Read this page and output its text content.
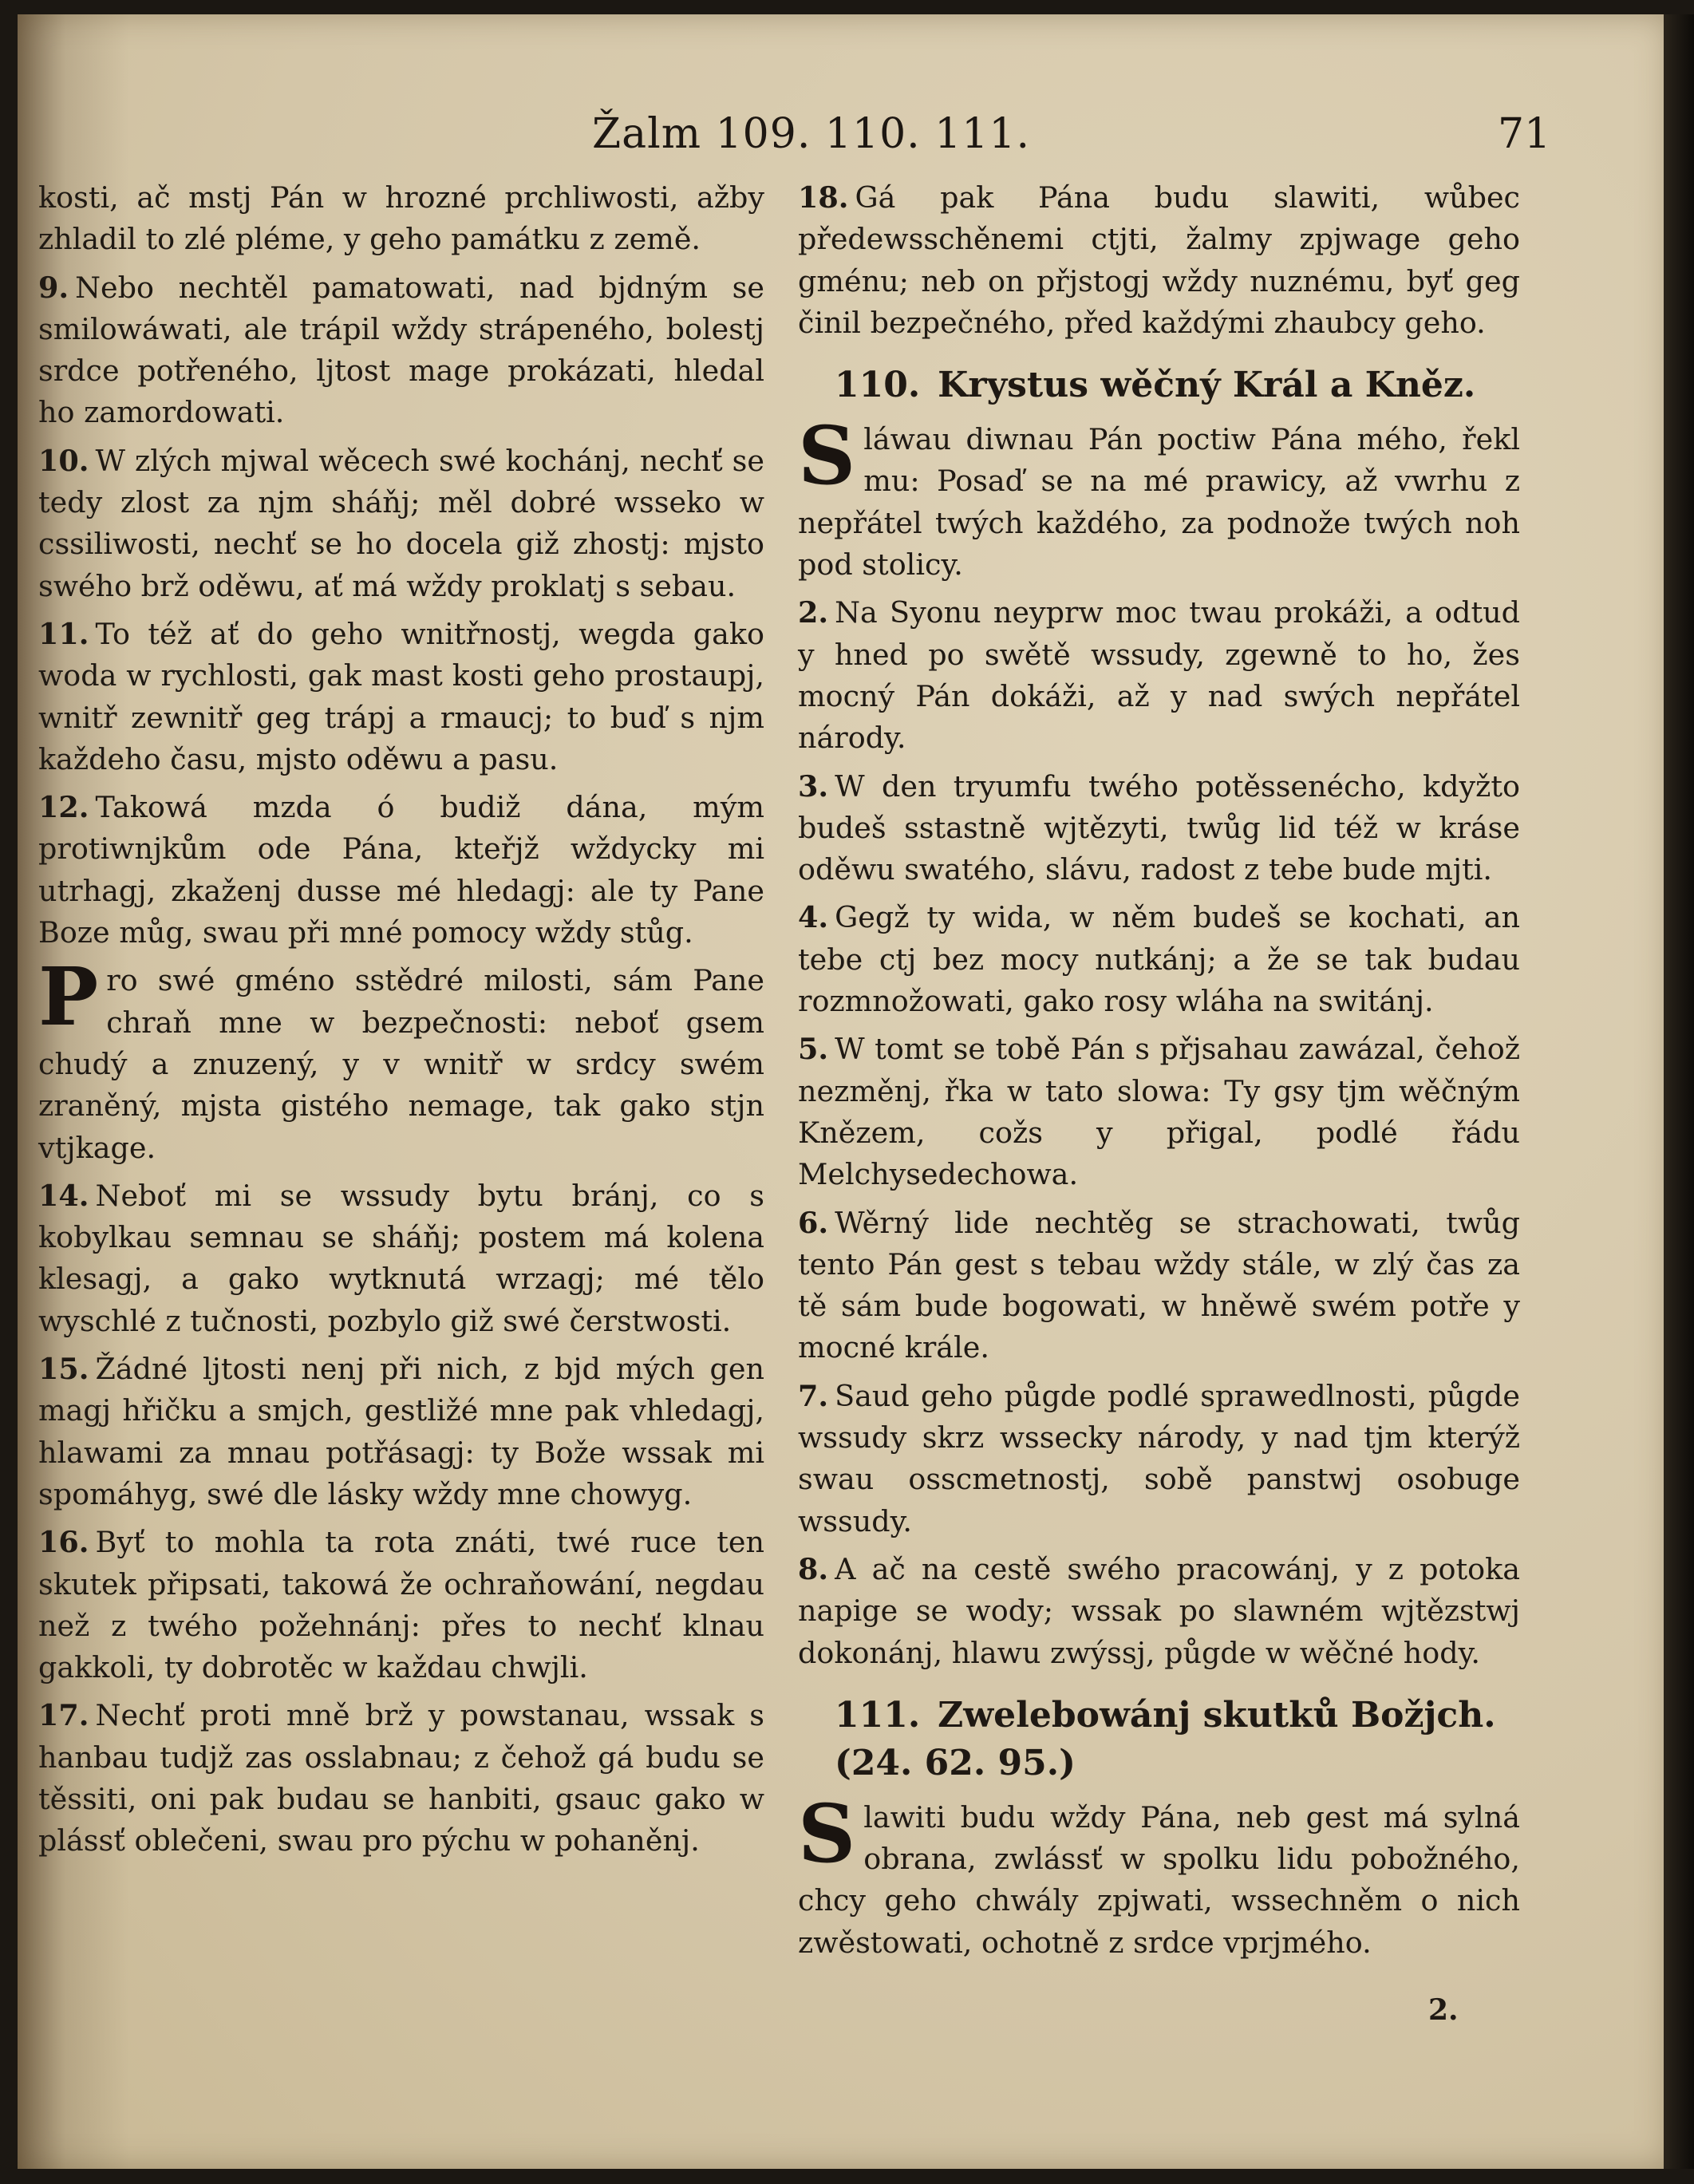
Žalm 109. 110. 111.	71

kosti, ač mstj Pán w hrozné prchliwosti, ažby zhladil to zlé pléme, y geho památku z země.

9. Nebo nechtěl pamatowati, nad bjdným se smilowáwati, ale trápil wždy strápeného, bolestj srdce potřeného, ljtost mage prokázati, hledal ho zamordowati.

10. W zlých mjwal wěcech swé kochánj, nechť se tedy zlost za njm sháňj; měl dobré wsseko w cssiliwosti, nechť se ho docela giž zhostj: mjsto swého brž oděwu, ať má wždy proklatj s sebau.

11. To též ať do geho wnitřnostj, wegda gako woda w rychlosti, gak mast kosti geho prostaupj, wnitř zewnitř geg trápj a rmaucj; to buď s njm každeho času, mjsto oděwu a pasu.

12. Takowá mzda ó budiž dána, mým protiwnjkům ode Pána, kteřjž wždycky mi utrhagj, zkaženj dusse mé hledagj: ale ty Pane Boze můg, swau při mné pomocy wždy stůg.

Pro swé gméno sstědré milosti, sám Pane chraň mne w bezpečnosti: neboť gsem chudý a znuzený, y v wnitř w srdcy swém zraněný, mjsta gistého nemage, tak gako stjn vtjkage.

14. Neboť mi se wssudy bytu bránj, co s kobylkau semnau se sháňj; postem má kolena klesagj, a gako wytknutá wrzagj; mé tělo wyschlé z tučnosti, pozbylo giž swé čerstwosti.

15. Žádné ljtosti nenj při nich, z bjd mých gen magj hřičku a smjch, gestližé mne pak vhledagj, hlawami za mnau potřásagj: ty Bože wssak mi spomáhyg, swé dle lásky wždy mne chowyg.

16. Byť to mohla ta rota znáti, twé ruce ten skutek připsati, takowá že ochraňowání, negdau než z twého požehnánj: přes to nechť klnau gakkoli, ty dobrotěc w každau chwjli.

17. Nechť proti mně brž y powstanau, wssak s hanbau tudjž zas osslabnau; z čehož gá budu se těssiti, oni pak budau se hanbiti, gsauc gako w plássť oblečeni, swau pro pýchu w pohaněnj.

18. Gá pak Pána budu slawiti, wůbec předewsschěnemi ctjti, žalmy zpjwage geho gménu; neb on přjstogj wždy nuznému, byť geg činil bezpečného, před každými zhaubcy geho.

110. Krystus wěčný Král a Kněz.

Sláwau diwnau Pán poctiw Pána mého, řekl mu: Posaď se na mé prawicy, až vwrhu z nepřátel twých každého, za podnože twých noh pod stolicy.

2. Na Syonu neyprw moc twau prokáži, a odtud y hned po swětě wssudy, zgewně to ho, žes mocný Pán dokáži, až y nad swých nepřátel národy.

3. W den tryumfu twého potěssenécho, kdyžto budeš sstastně wjtězyti, twůg lid též w kráse oděwu swatého, slávu, radost z tebe bude mjti.

4. Gegž ty wida, w něm budeš se kochati, an tebe ctj bez mocy nutkánj; a že se tak budau rozmnožowati, gako rosy wláha na switánj.

5. W tomt se tobě Pán s přjsahau zawázal, čehož nezměnj, řka w tato slowa: Ty gsy tjm wěčným Knězem, cožs y přigal, podlé řádu Melchysedechowa.

6. Wěrný lide nechtěg se strachowati, twůg tento Pán gest s tebau wždy stále, w zlý čas za tě sám bude bogowati, w hněwě swém potře y mocné krále.

7. Saud geho půgde podlé sprawedlnosti, půgde wssudy skrz wssecky národy, y nad tjm kterýž swau osscmetnostj, sobě panstwj osobuge wssudy.

8. A ač na cestě swého pracowánj, y z potoka napige se wody; wssak po slawném wjtězstwj dokonánj, hlawu zwýssj, půgde w wěčné hody.

111. Zwelebowánj skutků Božjch. (24. 62. 95.)

Slawiti budu wždy Pána, neb gest má sylná obrana, zwlássť w spolku lidu pobožného, chcy geho chwály zpjwati, wssechněm o nich zwěstowati, ochotně z srdce vprjmého.

2.
